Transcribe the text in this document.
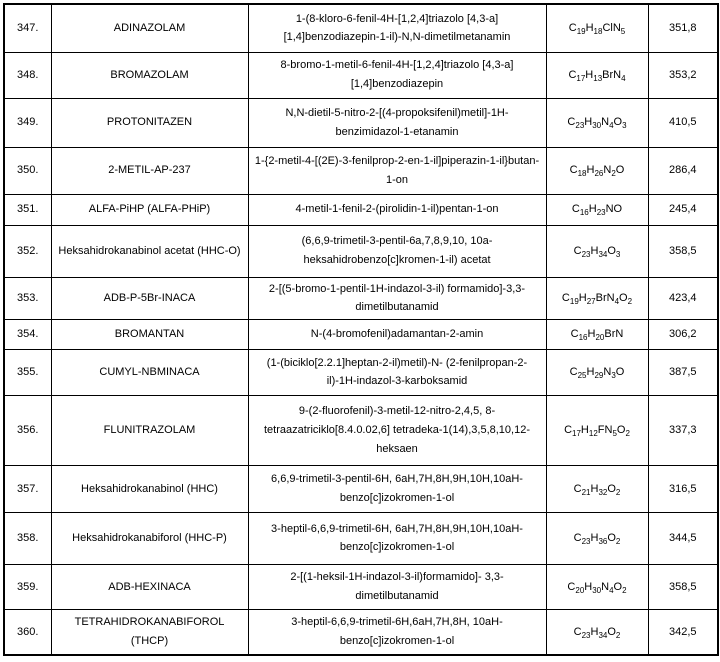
347.	ADINAZOLAM	1-(8-kloro-6-fenil-4H-[1,2,4]triazolo [4,3-a][1,4]benzodiazepin-1-il)-N,N-dimetilmetanamin	$C_{19}H_{18}ClN_5$	351,8
348.	BROMAZOLAM	8-bromo-1-metil-6-fenil-4H-[1,2,4]triazolo [4,3-a][1,4]benzodiazepin	$C_{17}H_{13}BrN_4$	353,2
349.	PROTONITAZEN	N,N-dietil-5-nitro-2-[(4-propoksifenil)metil]-1H-benzimidazol-1-etanamin	$C_{23}H_{30}N_4O_3$	410,5
350.	2-METIL-AP-237	1-{2-metil-4-[(2E)-3-fenilprop-2-en-1-il]piperazin-1-il}butan-1-on	$C_{18}H_{26}N_2O$	286,4
351.	ALFA-PiHP (ALFA-PHiP)	4-metil-1-fenil-2-(pirolidin-1-il)pentan-1-on	$C_{16}H_{23}NO$	245,4
352.	Heksahidrokanabinol acetat (HHC-O)	(6,6,9-trimetil-3-pentil-6a,7,8,9,10, 10a-heksahidrobenzo[c]kromen-1-il) acetat	$C_{23}H_{34}O_3$	358,5
353.	ADB-P-5Br-INACA	2-[(5-bromo-1-pentil-1H-indazol-3-il) formamido]-3,3-dimetilbutanamid	$C_{19}H_{27}BrN_4O_2$	423,4
354.	BROMANTAN	N-(4-bromofenil)adamantan-2-amin	$C_{16}H_{20}BrN$	306,2
355.	CUMYL-NBMINACA	(1-(biciklo[2.2.1]heptan-2-il)metil)-N- (2-fenilpropan-2-il)-1H-indazol-3-karboksamid	$C_{25}H_{29}N_3O$	387,5
356.	FLUNITRAZOLAM	9-(2-fluorofenil)-3-metil-12-nitro-2,4,5, 8-tetraazatriciklo[8.4.0.02,6] tetradeka-1(14),3,5,8,10,12-heksaen	$C_{17}H_{12}FN_5O_2$	337,3
357.	Heksahidrokanabinol (HHC)	6,6,9-trimetil-3-pentil-6H, 6aH,7H,8H,9H,10H,10aH-benzo[c]izokromen-1-ol	$C_{21}H_{32}O_2$	316,5
358.	Heksahidrokanabiforol (HHC-P)	3-heptil-6,6,9-trimetil-6H, 6aH,7H,8H,9H,10H,10aH-benzo[c]izokromen-1-ol	$C_{23}H_{36}O_2$	344,5
359.	ADB-HEXINACA	2-[(1-heksil-1H-indazol-3-il)formamido]- 3,3-dimetilbutanamid	$C_{20}H_{30}N_4O_2$	358,5
360.	TETRAHIDROKANABIFOROL (THCP)	3-heptil-6,6,9-trimetil-6H,6aH,7H,8H, 10aH-benzo[c]izokromen-1-ol	$C_{23}H_{34}O_2$	342,5
